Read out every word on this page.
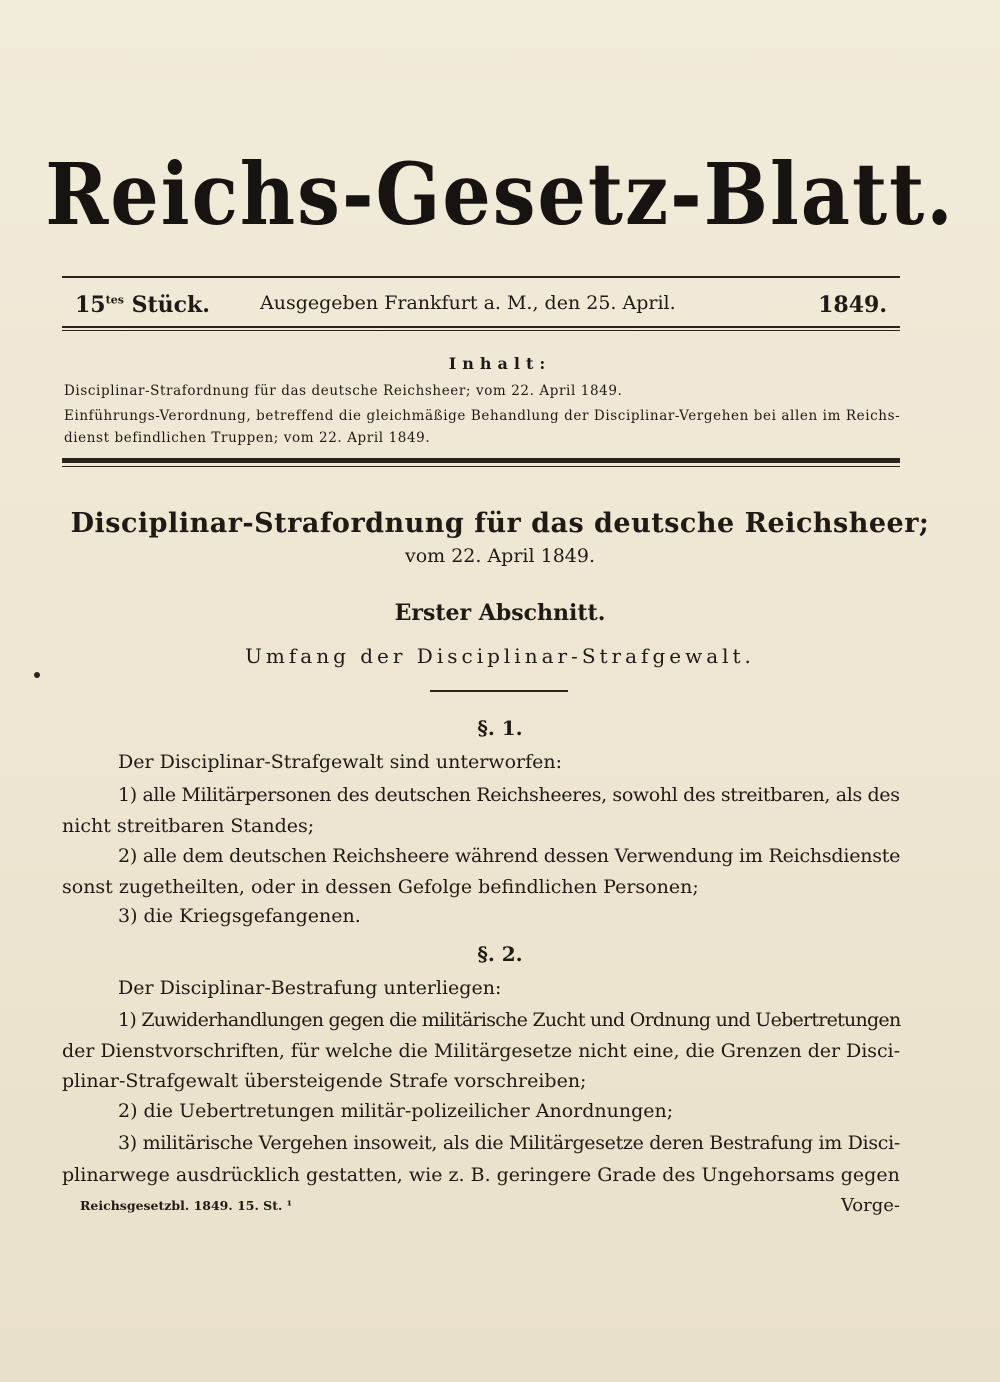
Reichs-Gesetz-Blatt.
$15^{tes}$ Stück.	Ausgegeben Frankfurt a. M., den 25. April.	1849.
Inhalt:
Disciplinar-Strafordnung für das deutsche Reichsheer; vom 22. April 1849.
Einführungs-Verordnung, betreffend die gleichmäßige Behandlung der Disciplinar-Vergehen bei allen im Reichs-
dienst befindlichen Truppen; vom 22. April 1849.
Disciplinar-Strafordnung für das deutsche Reichsheer;
vom 22. April 1849.
Erster Abschnitt.
Umfang der Disciplinar-Strafgewalt.
§. 1.
Der Disciplinar-Strafgewalt sind unterworfen:
1) alle Militärpersonen des deutschen Reichsheeres, sowohl des streitbaren, als des
nicht streitbaren Standes;
2) alle dem deutschen Reichsheere während dessen Verwendung im Reichsdienste
sonst zugetheilten, oder in dessen Gefolge befindlichen Personen;
3) die Kriegsgefangenen.
§. 2.
Der Disciplinar-Bestrafung unterliegen:
1) Zuwiderhandlungen gegen die militärische Zucht und Ordnung und Uebertretungen
der Dienstvorschriften, für welche die Militärgesetze nicht eine, die Grenzen der Disci-
plinar-Strafgewalt übersteigende Strafe vorschreiben;
2) die Uebertretungen militär-polizeilicher Anordnungen;
3) militärische Vergehen insoweit, als die Militärgesetze deren Bestrafung im Disci-
plinarwege ausdrücklich gestatten, wie z. B. geringere Grade des Ungehorsams gegen
Reichsgesetzbl. 1849. 15. St. ¹	Vorge-
